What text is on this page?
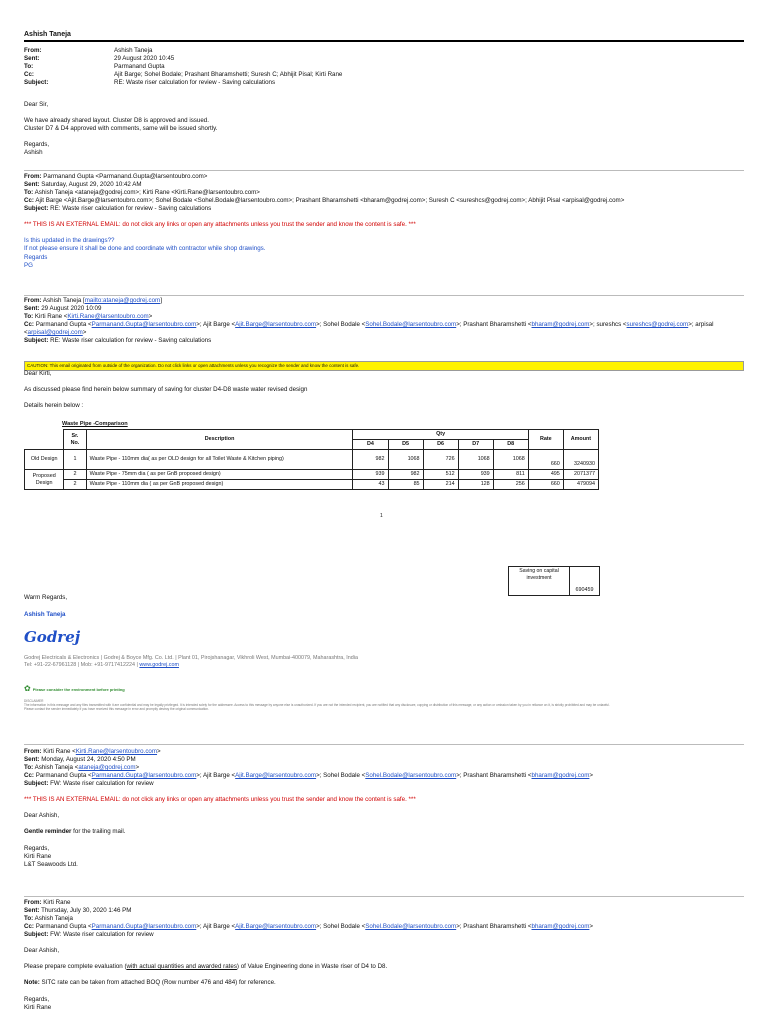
Ashish Taneja
From:	Ashish Taneja
Sent:	29 August 2020 10:45
To:	Parmanand Gupta
Cc:	Ajit Barge; Sohel Bodale; Prashant Bharamshetti; Suresh C; Abhijit Pisal; Kirti Rane
Subject:	RE: Waste riser calculation for review - Saving calculations

Dear Sir,

We have already shared layout. Cluster D8 is approved and issued.

Cluster D7 & D4 approved with comments, same will be issued shortly.

Regards,

Ashish

From: Parmanand Gupta <Parmanand.Gupta@larsentoubro.com>

Sent: Saturday, August 29, 2020 10:42 AM

To: Ashish Taneja <ataneja@godrej.com>; Kirti Rane <Kirti.Rane@larsentoubro.com>

Cc: Ajit Barge <Ajit.Barge@larsentoubro.com>; Sohel Bodale <Sohel.Bodale@larsentoubro.com>; Prashant Bharamshetti <bharam@godrej.com>; Suresh C <sureshcs@godrej.com>; Abhijit Pisal <arpisal@godrej.com>

Subject: RE: Waste riser calculation for review - Saving calculations

*** THIS IS AN EXTERNAL EMAIL: do not click any links or open any attachments unless you trust the sender and know the content is safe. ***

Is this updated in the drawings??

If not please ensure it shall be done and coordinate with contractor while shop drawings.

Regards

PG

From: Ashish Taneja [mailto:ataneja@godrej.com]

Sent: 29 August 2020 10:09

To: Kirti Rane <Kirti.Rane@larsentoubro.com>

Cc: Parmanand Gupta <Parmanand.Gupta@larsentoubro.com>; Ajit Barge <Ajit.Barge@larsentoubro.com>; Sohel Bodale <Sohel.Bodale@larsentoubro.com>; Prashant Bharamshetti <bharam@godrej.com>; sureshcs <sureshcs@godrej.com>; arpisal <arpisal@godrej.com>

Subject: RE: Waste riser calculation for review - Saving calculations

CAUTION: This email originated from outside of the organization. Do not click links or open attachments unless you recognize the sender and know the content is safe.

Dear Kirti,

As discussed please find herein below summary of saving for cluster D4-D8 waste water revised design

Details herein below :

Waste Pipe -Comparison
	Sr. No.	Description	Qty					Rate	Amount
			D4	D5	D6	D7	D8		
Old Design	1	Waste Pipe - 110mm dia( as per OLD design for all Toilet Waste & Kitchen piping)	982	1068	726	1068	1068	660	3240930
Proposed Design	2	Waste Pipe - 75mm dia ( as per GnB proposed design)	939	982	512	939	811	495	2071377
	2	Waste Pipe - 110mm dia ( as per GnB proposed design)	43	85	214	128	256	660	479094
1
Saving on capital investment
690459
Warm Regards,
Ashish Taneja
Godrej
Godrej Electricals & Electronics | Godrej & Boyce Mfg. Co. Ltd. | Plant 01, Pirojshanagar, Vikhroli West, Mumbai-400079, Maharashtra, India
Tel: +91-22-67961128 | Mob: +91-9717412224 | www.godrej.com
✿ Please consider the environment before printing

DISCLAIMER

The information in this message and any files transmitted with it are confidential and may be legally privileged. It is intended solely for the addressee. Access to this message by anyone else is unauthorized. If you are not the intended recipient, you are notified that any disclosure, copying or distribution of this message, or any action or omission taken by you in reliance on it, is strictly prohibited and may be unlawful.

Please contact the sender immediately if you have received this message in error and promptly destroy the original communication.

From: Kirti Rane <Kirti.Rane@larsentoubro.com>

Sent: Monday, August 24, 2020 4:50 PM

To: Ashish Taneja <ataneja@godrej.com>

Cc: Parmanand Gupta <Parmanand.Gupta@larsentoubro.com>; Ajit Barge <Ajit.Barge@larsentoubro.com>; Sohel Bodale <Sohel.Bodale@larsentoubro.com>; Prashant Bharamshetti <bharam@godrej.com>

Subject: FW: Waste riser calculation for review

*** THIS IS AN EXTERNAL EMAIL: do not click any links or open any attachments unless you trust the sender and know the content is safe. ***

Dear Ashish,

Gentle reminder for the trailing mail.

Regards,

Kirti Rane

L&T Seawoods Ltd.

From: Kirti Rane

Sent: Thursday, July 30, 2020 1:46 PM

To: Ashish Taneja

Cc: Parmanand Gupta <Parmanand.Gupta@larsentoubro.com>; Ajit Barge <Ajit.Barge@larsentoubro.com>; Sohel Bodale <Sohel.Bodale@larsentoubro.com>; Prashant Bharamshetti <bharam@godrej.com>

Subject: FW: Waste riser calculation for review

Dear Ashish,

Please prepare complete evaluation (with actual quantities and awarded rates) of Value Engineering done in Waste riser of D4 to D8.

Note: SITC rate can be taken from attached BOQ (Row number 476 and 484) for reference.

Regards,

Kirti Rane
